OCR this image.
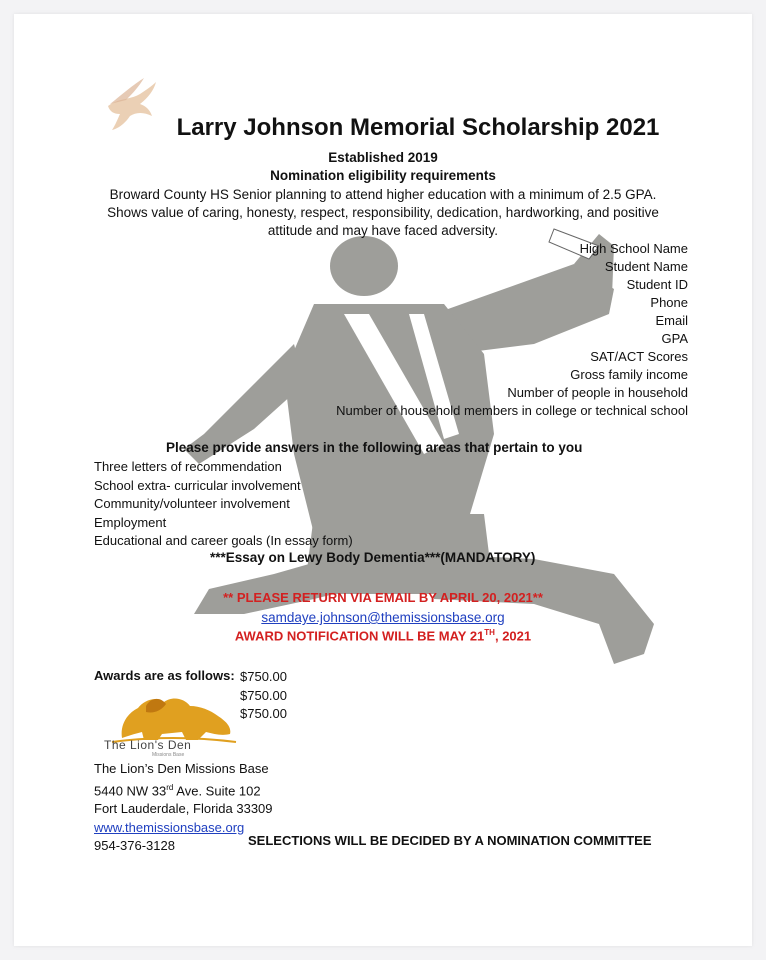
Larry Johnson Memorial Scholarship 2021
Established 2019
Nomination eligibility requirements
Broward County HS Senior planning to attend higher education with a minimum of 2.5 GPA.
Shows value of caring, honesty, respect, responsibility, dedication, hardworking, and positive
attitude and may have faced adversity.
High School Name
Student Name
Student ID
Phone
Email
GPA
SAT/ACT Scores
Gross family income
Number of people in household
Number of household members in college or technical school
Please provide answers in the following areas that pertain to you
Three letters of recommendation
School extra- curricular involvement
Community/volunteer involvement
Employment
Educational and career goals (In essay form)
***Essay on Lewy Body Dementia***(MANDATORY)
** PLEASE RETURN VIA EMAIL BY APRIL 20, 2021**
samdaye.johnson@themissionsbase.org
AWARD NOTIFICATION WILL BE MAY 21TH, 2021
Awards are as follows: $750.00
$750.00
$750.00
The Lion's Den
Missions Base
The Lion’s Den Missions Base
5440 NW 33rd Ave. Suite 102
Fort Lauderdale, Florida 33309
www.themissionsbase.org
954-376-3128	SELECTIONS WILL BE DECIDED BY A NOMINATION COMMITTEE
